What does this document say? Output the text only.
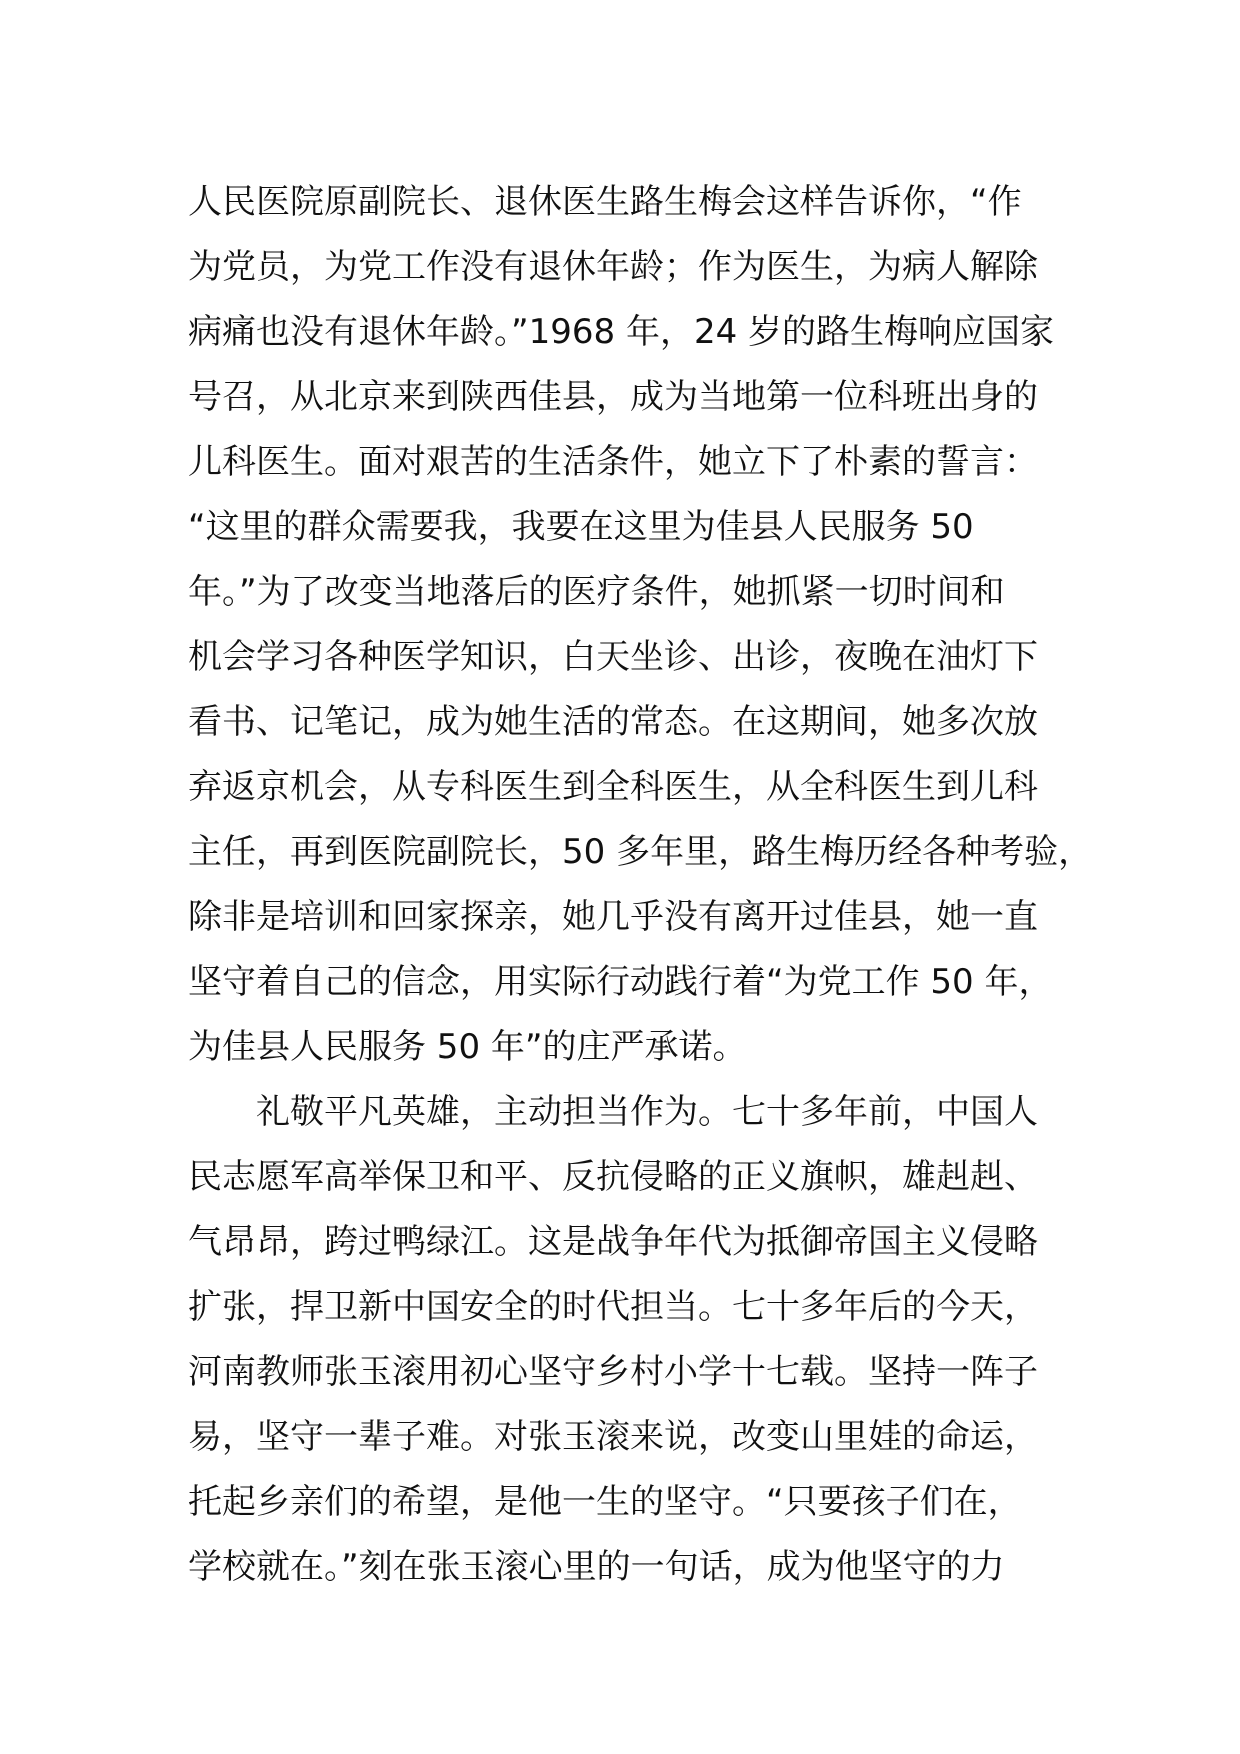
人民医院原副院长、退休医生路生梅会这样告诉你，“作
为党员，为党工作没有退休年龄；作为医生，为病人解除
病痛也没有退休年龄。”1968 年，24 岁的路生梅响应国家
号召，从北京来到陕西佳县，成为当地第一位科班出身的
儿科医生。面对艰苦的生活条件，她立下了朴素的誓言：
“这里的群众需要我，我要在这里为佳县人民服务 50
年。”为了改变当地落后的医疗条件，她抓紧一切时间和
机会学习各种医学知识，白天坐诊、出诊，夜晚在油灯下
看书、记笔记，成为她生活的常态。在这期间，她多次放
弃返京机会，从专科医生到全科医生，从全科医生到儿科
主任，再到医院副院长，50 多年里，路生梅历经各种考验，
除非是培训和回家探亲，她几乎没有离开过佳县，她一直
坚守着自己的信念，用实际行动践行着“为党工作 50 年，
为佳县人民服务 50 年”的庄严承诺。
礼敬平凡英雄，主动担当作为。七十多年前，中国人
民志愿军高举保卫和平、反抗侵略的正义旗帜，雄赳赳、
气昂昂，跨过鸭绿江。这是战争年代为抵御帝国主义侵略
扩张，捍卫新中国安全的时代担当。七十多年后的今天，
河南教师张玉滚用初心坚守乡村小学十七载。坚持一阵子
易，坚守一辈子难。对张玉滚来说，改变山里娃的命运，
托起乡亲们的希望，是他一生的坚守。“只要孩子们在，
学校就在。”刻在张玉滚心里的一句话，成为他坚守的力
